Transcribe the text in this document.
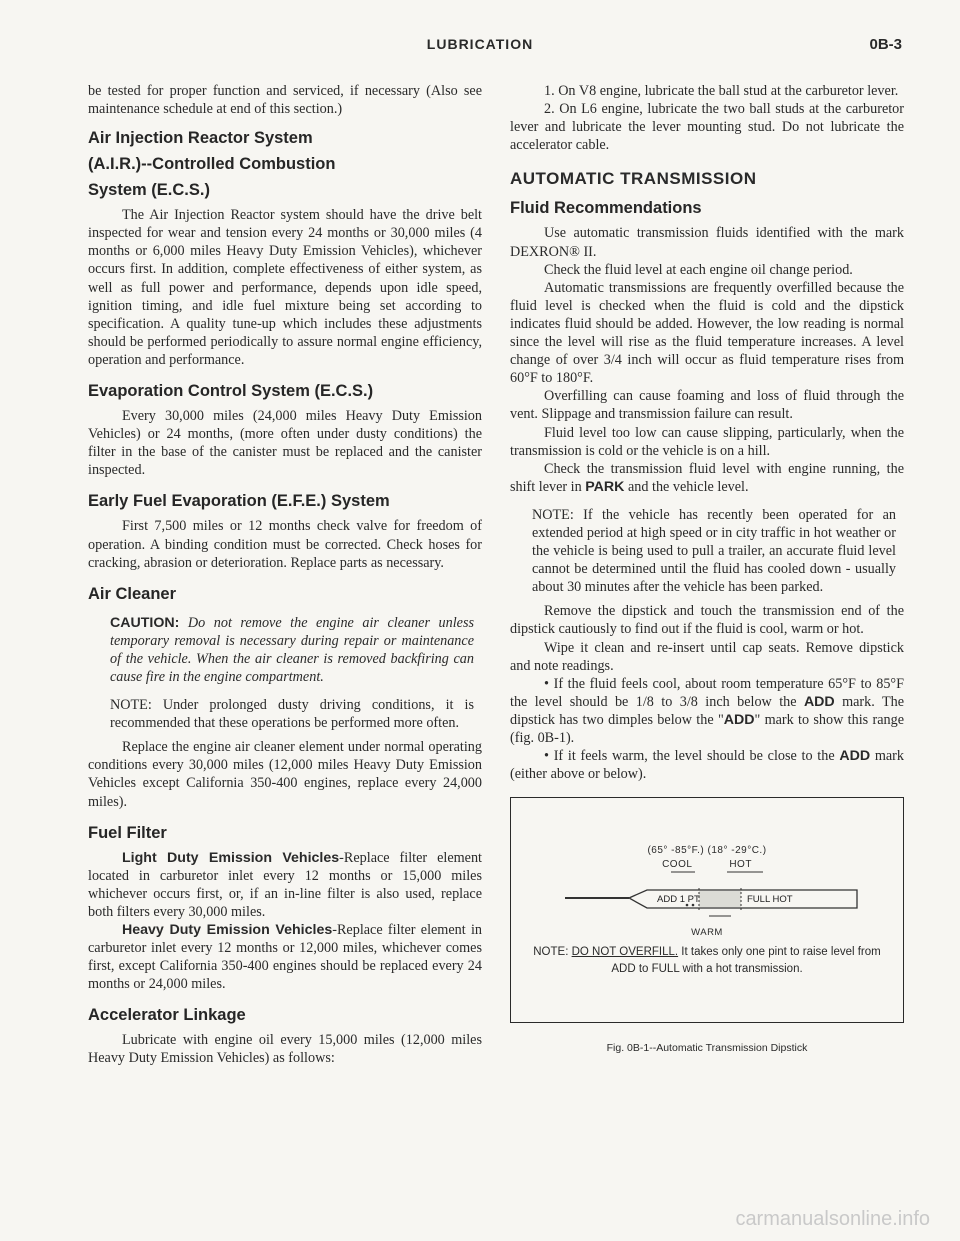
LUBRICATION	0B-3

be tested for proper function and serviced, if necessary (Also see maintenance schedule at end of this section.)

Air Injection Reactor System
(A.I.R.)--Controlled Combustion
System (E.C.S.)

The Air Injection Reactor system should have the drive belt inspected for wear and tension every 24 months or 30,000 miles (4 months or 6,000 miles Heavy Duty Emission Vehicles), whichever occurs first. In addition, complete effectiveness of either system, as well as full power and performance, depends upon idle speed, ignition timing, and idle fuel mixture being set according to specification. A quality tune-up which includes these adjustments should be performed periodically to assure normal engine efficiency, operation and performance.

Evaporation Control System (E.C.S.)

Every 30,000 miles (24,000 miles Heavy Duty Emission Vehicles) or 24 months, (more often under dusty conditions) the filter in the base of the canister must be replaced and the canister inspected.

Early Fuel Evaporation (E.F.E.) System

First 7,500 miles or 12 months check valve for freedom of operation. A binding condition must be corrected. Check hoses for cracking, abrasion or deterioration. Replace parts as necessary.

Air Cleaner

CAUTION: Do not remove the engine air cleaner unless temporary removal is necessary during repair or maintenance of the vehicle. When the air cleaner is removed backfiring can cause fire in the engine compartment.

NOTE: Under prolonged dusty driving conditions, it is recommended that these operations be performed more often.

Replace the engine air cleaner element under normal operating conditions every 30,000 miles (12,000 miles Heavy Duty Emission Vehicles except California 350-400 engines, replace every 24,000 miles).

Fuel Filter

Light Duty Emission Vehicles-Replace filter element located in carburetor inlet every 12 months or 15,000 miles whichever occurs first, or, if an in-line filter is also used, replace both filters every 30,000 miles.

Heavy Duty Emission Vehicles-Replace filter element in carburetor inlet every 12 months or 12,000 miles, whichever comes first, except California 350-400 engines should be replaced every 24 months or 24,000 miles.

Accelerator Linkage

Lubricate with engine oil every 15,000 miles (12,000 miles Heavy Duty Emission Vehicles) as follows:

1. On V8 engine, lubricate the ball stud at the carburetor lever.

2. On L6 engine, lubricate the two ball studs at the carburetor lever and lubricate the lever mounting stud. Do not lubricate the accelerator cable.

AUTOMATIC TRANSMISSION
Fluid Recommendations

Use automatic transmission fluids identified with the mark DEXRON® II.

Check the fluid level at each engine oil change period.

Automatic transmissions are frequently overfilled because the fluid level is checked when the fluid is cold and the dipstick indicates fluid should be added. However, the low reading is normal since the level will rise as the fluid temperature increases. A level change of over 3/4 inch will occur as fluid temperature rises from 60°F to 180°F.

Overfilling can cause foaming and loss of fluid through the vent. Slippage and transmission failure can result.

Fluid level too low can cause slipping, particularly, when the transmission is cold or the vehicle is on a hill.

Check the transmission fluid level with engine running, the shift lever in PARK and the vehicle level.

NOTE: If the vehicle has recently been operated for an extended period at high speed or in city traffic in hot weather or the vehicle is being used to pull a trailer, an accurate fluid level cannot be determined until the fluid has cooled down - usually about 30 minutes after the vehicle has been parked.

Remove the dipstick and touch the transmission end of the dipstick cautiously to find out if the fluid is cool, warm or hot.

Wipe it clean and re-insert until cap seats. Remove dipstick and note readings.

• If the fluid feels cool, about room temperature 65°F to 85°F the level should be 1/8 to 3/8 inch below the ADD mark. The dipstick has two dimples below the "ADD" mark to show this range (fig. 0B-1).

• If it feels warm, the level should be close to the ADD mark (either above or below).

(65° -85°F.) (18° -29°C.)
COOL	HOT
ADD 1 PT	FULL HOT
WARM
NOTE: DO NOT OVERFILL. It takes only one pint to raise level from ADD to FULL with a hot transmission.
Fig. 0B-1--Automatic Transmission Dipstick
carmanualsonline.info
